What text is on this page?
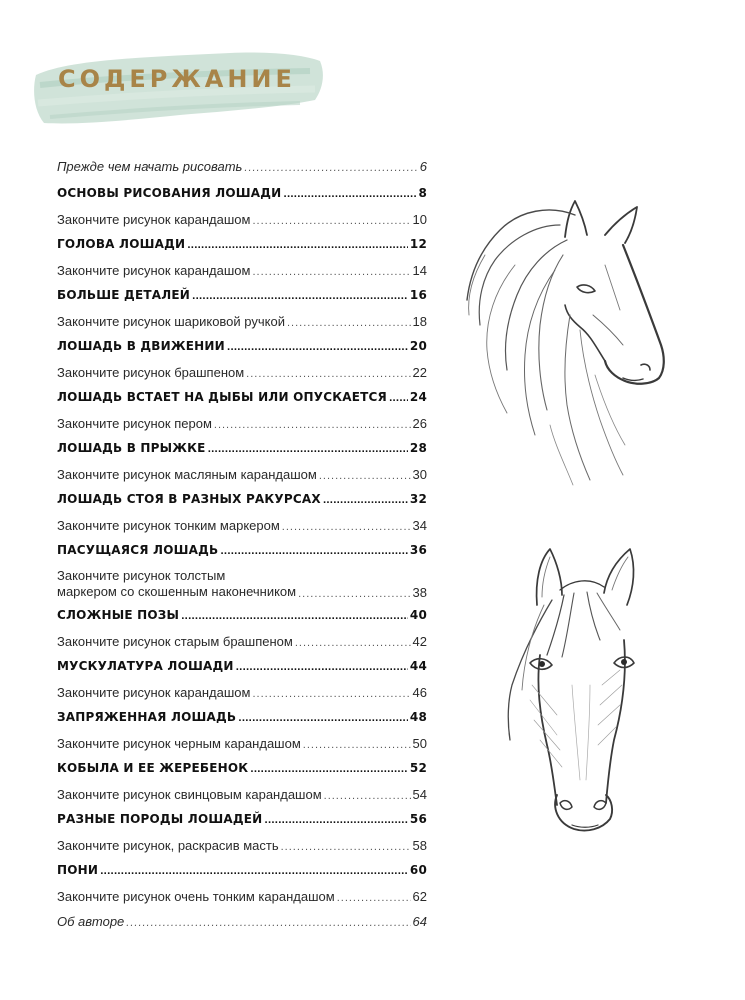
СОДЕРЖАНИЕ
Прежде чем начать рисовать .....	6
ОСНОВЫ РИСОВАНИЯ ЛОШАДИ .....	8
Закончите рисунок карандашом .....	10
ГОЛОВА ЛОШАДИ .....	12
Закончите рисунок карандашом .....	14
БОЛЬШЕ ДЕТАЛЕЙ .....	16
Закончите рисунок шариковой ручкой .....	18
ЛОШАДЬ В ДВИЖЕНИИ .....	20
Закончите рисунок брашпеном .....	22
ЛОШАДЬ ВСТАЕТ НА ДЫБЫ ИЛИ ОПУСКАЕТСЯ ..... 24
Закончите рисунок пером .....	26
ЛОШАДЬ В ПРЫЖКЕ .....	28
Закончите рисунок масляным карандашом .....	30
ЛОШАДЬ СТОЯ В РАЗНЫХ РАКУРСАХ .....	32
Закончите рисунок тонким маркером .....	34
ПАСУЩАЯСЯ ЛОШАДЬ .....	36
Закончите рисунок толстым
маркером со скошенным наконечником .....	38
СЛОЖНЫЕ ПОЗЫ .....	40
Закончите рисунок старым брашпеном .....	42
МУСКУЛАТУРА ЛОШАДИ .....	44
Закончите рисунок карандашом .....	46
ЗАПРЯЖЕННАЯ ЛОШАДЬ .....	48
Закончите рисунок черным карандашом .....	50
КОБЫЛА И ЕЕ ЖЕРЕБЕНОК .....	52
Закончите рисунок свинцовым карандашом .....	54
РАЗНЫЕ ПОРОДЫ ЛОШАДЕЙ .....	56
Закончите рисунок, раскрасив масть .....	58
ПОНИ .....	60
Закончите рисунок очень тонким карандашом .....	62
Об авторе .....	64
